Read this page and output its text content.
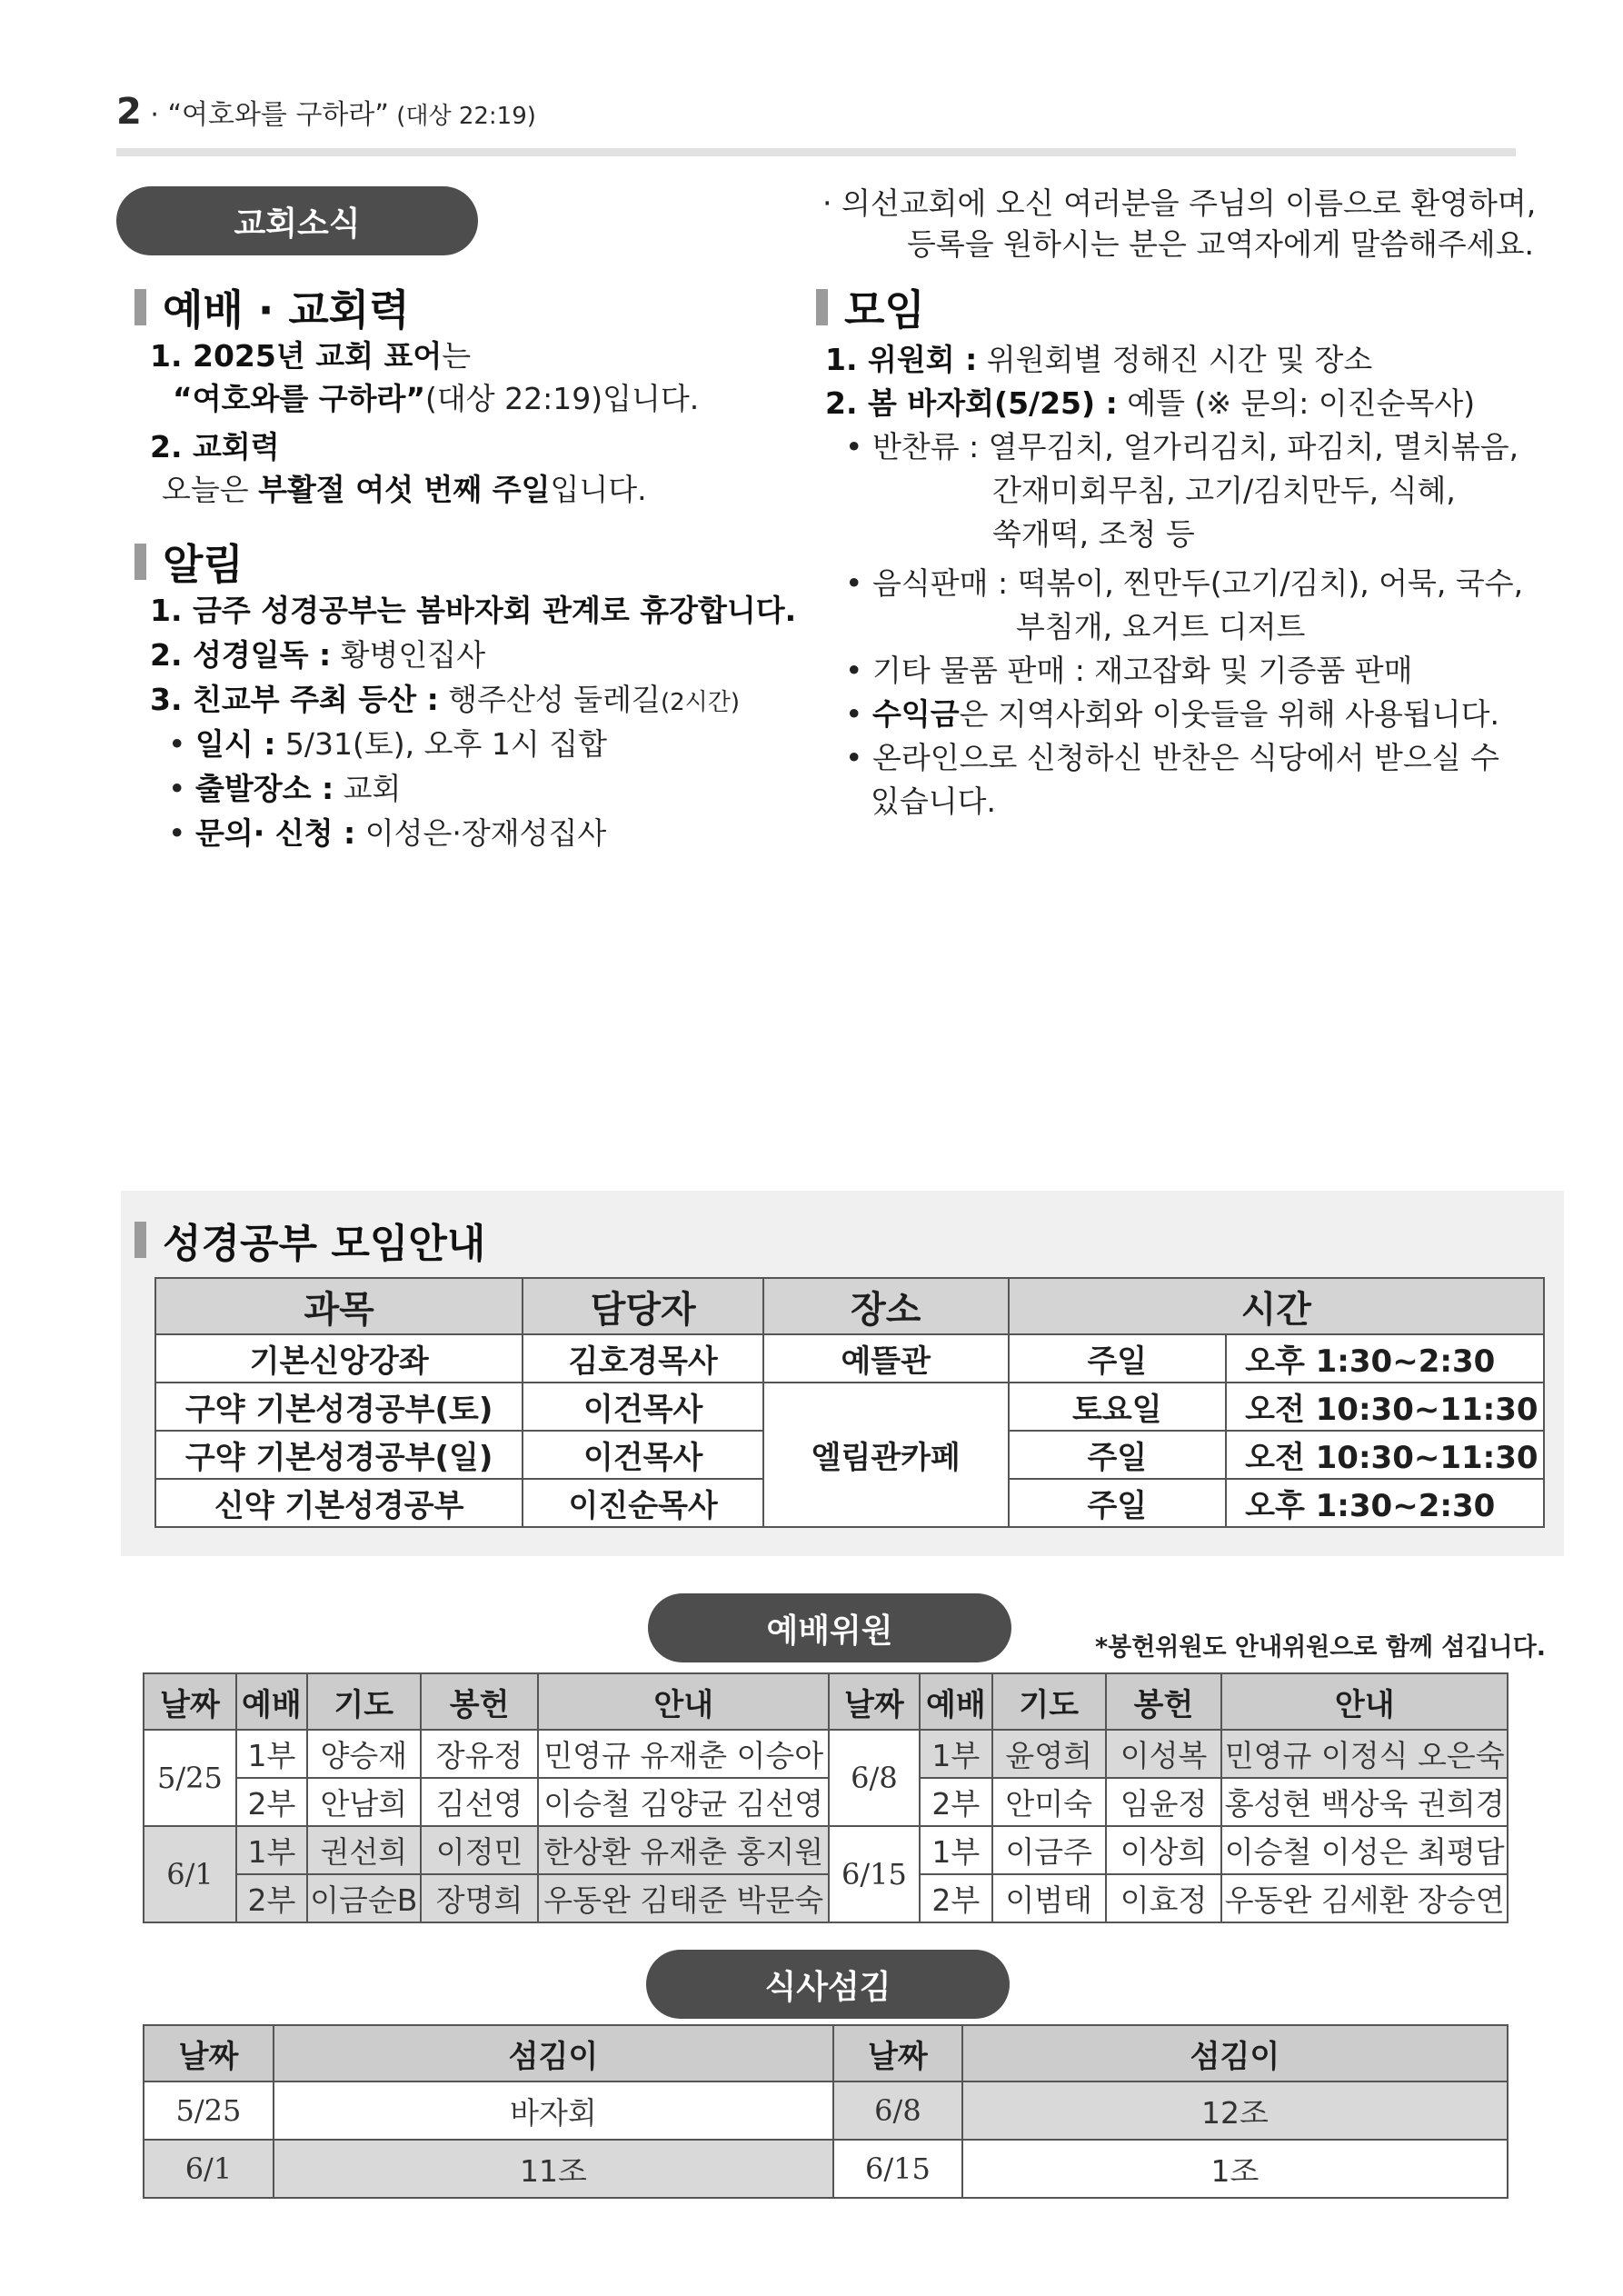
2 · “여호와를 구하라” (대상 22:19)
교회소식
예배 · 교회력
1. 2025년 교회 표어는
“여호와를 구하라”(대상 22:19)입니다.
2. 교회력
오늘은 부활절 여섯 번째 주일입니다.
알림
1. 금주 성경공부는 봄바자회 관계로 휴강합니다.
2. 성경일독 : 황병인집사
3. 친교부 주최 등산 : 행주산성 둘레길(2시간)
• 일시 : 5/31(토), 오후 1시 집합
• 출발장소 : 교회
• 문의· 신청 : 이성은·장재성집사
· 의선교회에 오신 여러분을 주님의 이름으로 환영하며,
등록을 원하시는 분은 교역자에게 말씀해주세요.
모임
1. 위원회 : 위원회별 정해진 시간 및 장소
2. 봄 바자회(5/25) : 예뜰 (※ 문의: 이진순목사)
• 반찬류 : 열무김치, 얼가리김치, 파김치, 멸치볶음,
간재미회무침, 고기/김치만두, 식혜,
쑥개떡, 조청 등
• 음식판매 : 떡볶이, 찐만두(고기/김치), 어묵, 국수,
부침개, 요거트 디저트
• 기타 물품 판매 : 재고잡화 및 기증품 판매
• 수익금은 지역사회와 이웃들을 위해 사용됩니다.
• 온라인으로 신청하신 반찬은 식당에서 받으실 수
있습니다.
성경공부 모임안내
과목	담당자	장소	시간	
기본신앙강좌	김호경목사	예뜰관	주일	오후 1:30~2:30
구약 기본성경공부(토)	이건목사	엘림관카페	토요일	오전 10:30~11:30
구약 기본성경공부(일)	이건목사		주일	오전 10:30~11:30
신약 기본성경공부	이진순목사		주일	오후 1:30~2:30
예배위원	*봉헌위원도 안내위원으로 함께 섬깁니다.
날짜	예배	기도	봉헌	안내	날짜	예배	기도	봉헌	안내
5/25	1부	양승재	장유정	민영규 유재춘 이승아	6/8	1부	윤영희	이성복	민영규 이정식 오은숙
	2부	안남희	김선영	이승철 김양균 김선영		2부	안미숙	임윤정	홍성현 백상욱 권희경
6/1	1부	권선희	이정민	한상환 유재춘 홍지원	6/15	1부	이금주	이상희	이승철 이성은 최평담
	2부	이금순B	장명희	우동완 김태준 박문숙		2부	이범태	이효정	우동완 김세환 장승연
식사섬김
날짜	섬김이	날짜	섬김이
5/25	바자회	6/8	12조
6/1	11조	6/15	1조
